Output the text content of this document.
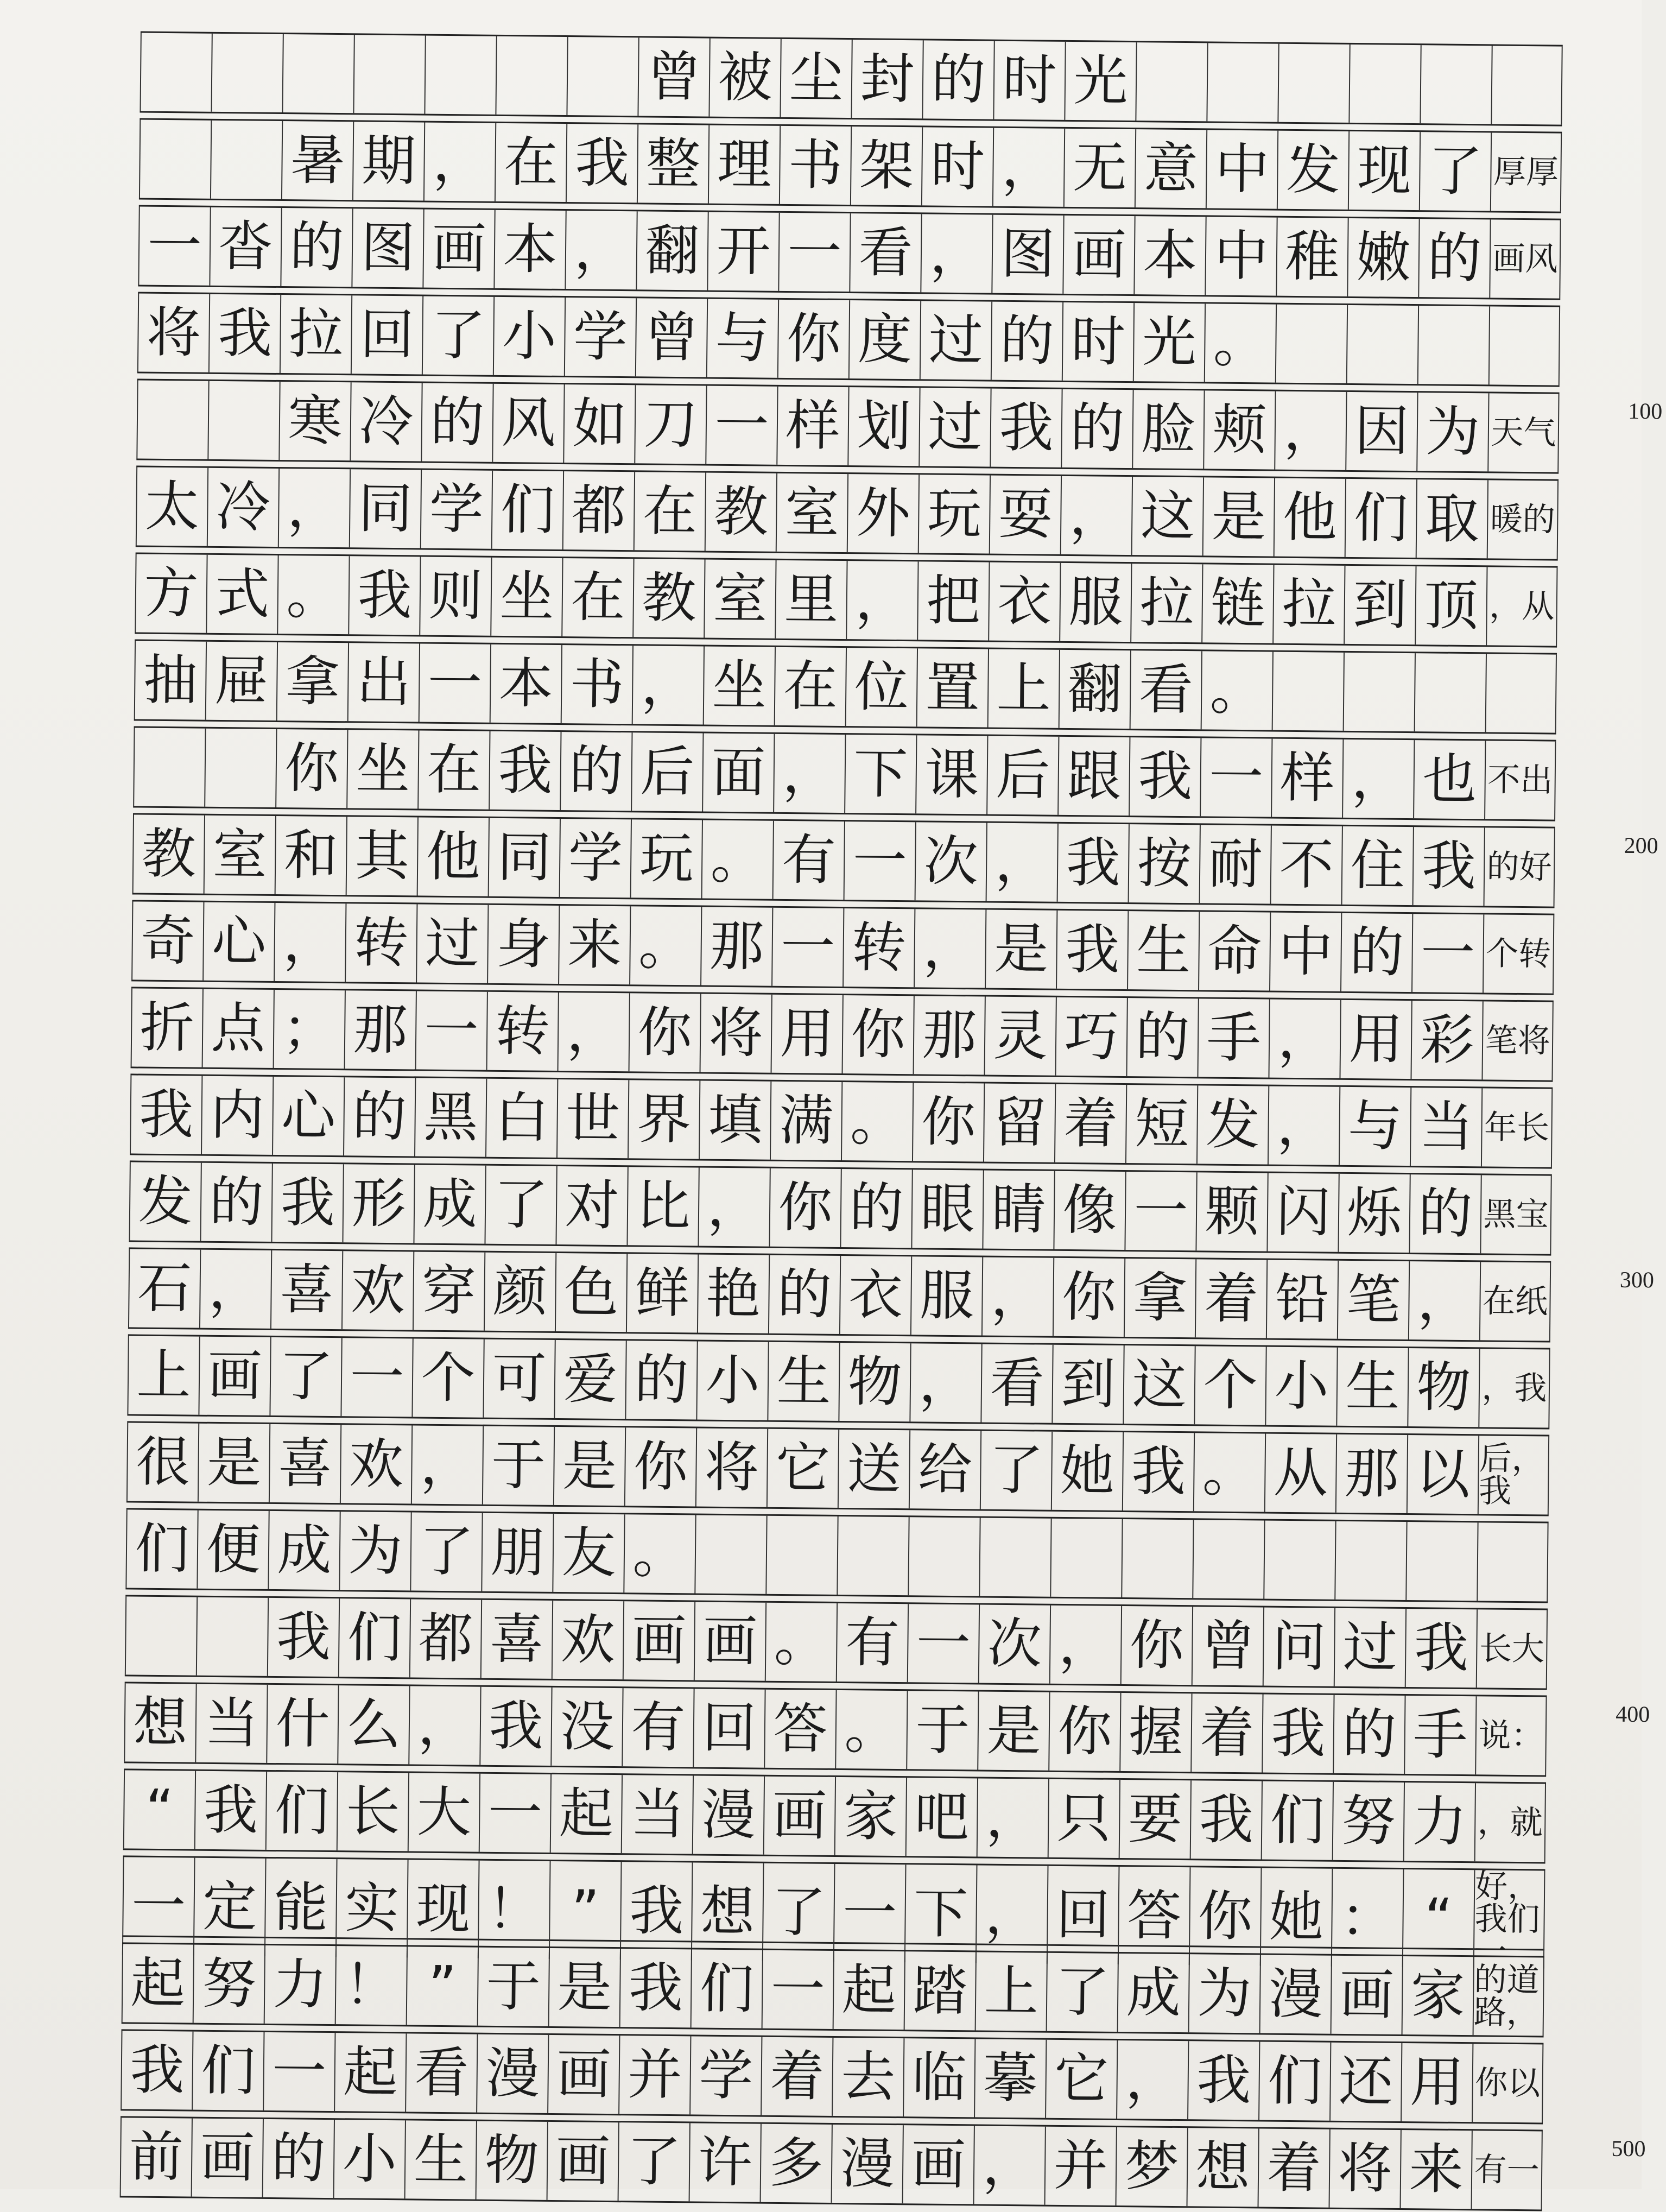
曾 被 尘 封 的 时 光
暑 期 ， 在 我 整 理 书 架 时 ， 无 意 中 发 现 了 厚厚
一 沓 的 图 画 本 ， 翻 开 一 看 ， 图 画 本 中 稚 嫩 的 画风
将 我 拉 回 了 小 学 曾 与 你 度 过 的 时 光 。
寒 冷 的 风 如 刀 一 样 划 过 我 的 脸 颊 ， 因 为 天气
100
太 冷 ， 同 学 们 都 在 教 室 外 玩 耍 ， 这 是 他 们 取 暖的
方 式 。 我 则 坐 在 教 室 里 ， 把 衣 服 拉 链 拉 到 顶 ，从
抽 屉 拿 出 一 本 书 ， 坐 在 位 置 上 翻 看 。
你 坐 在 我 的 后 面 ， 下 课 后 跟 我 一 样 ， 也 不出
教 室 和 其 他 同 学 玩 。 有 一 次 ， 我 按 耐 不 住 我 的好
200
奇 心 ， 转 过 身 来 。 那 一 转 ， 是 我 生 命 中 的 一 个转
折 点 ； 那 一 转 ， 你 将 用 你 那 灵 巧 的 手 ， 用 彩 笔将
我 内 心 的 黑 白 世 界 填 满 。 你 留 着 短 发 ， 与 当 年长
发 的 我 形 成 了 对 比 ， 你 的 眼 睛 像 一 颗 闪 烁 的 黑宝
石 ， 喜 欢 穿 颜 色 鲜 艳 的 衣 服 ， 你 拿 着 铅 笔 ， 在纸
300
上 画 了 一 个 可 爱 的 小 生 物 ， 看 到 这 个 小 生 物 ，我
很 是 喜 欢 ， 于 是 你 将 它 送 给 了 她 我 。 从 那 以 后，我
们 便 成 为 了 朋 友 。
我 们 都 喜 欢 画 画 。 有 一 次 ， 你 曾 问 过 我 长大
想 当 什 么 ， 我 没 有 回 答 。 于 是 你 握 着 我 的 手 说：
400
“ 我 们 长 大 一 起 当 漫 画 家 吧 ， 只 要 我 们 努 力 ，就
一 定 能 实 现 ！ ” 我 想 了 一 下 ， 回 答 你 她 ： “ 好，我们一
起 努 力 ！ ” 于 是 我 们 一 起 踏 上 了 成 为 漫 画 家 的道路，
我 们 一 起 看 漫 画 并 学 着 去 临 摹 它 ， 我 们 还 用 你以
前 画 的 小 生 物 画 了 许 多 漫 画 ， 并 梦 想 着 将 来 有一
500
